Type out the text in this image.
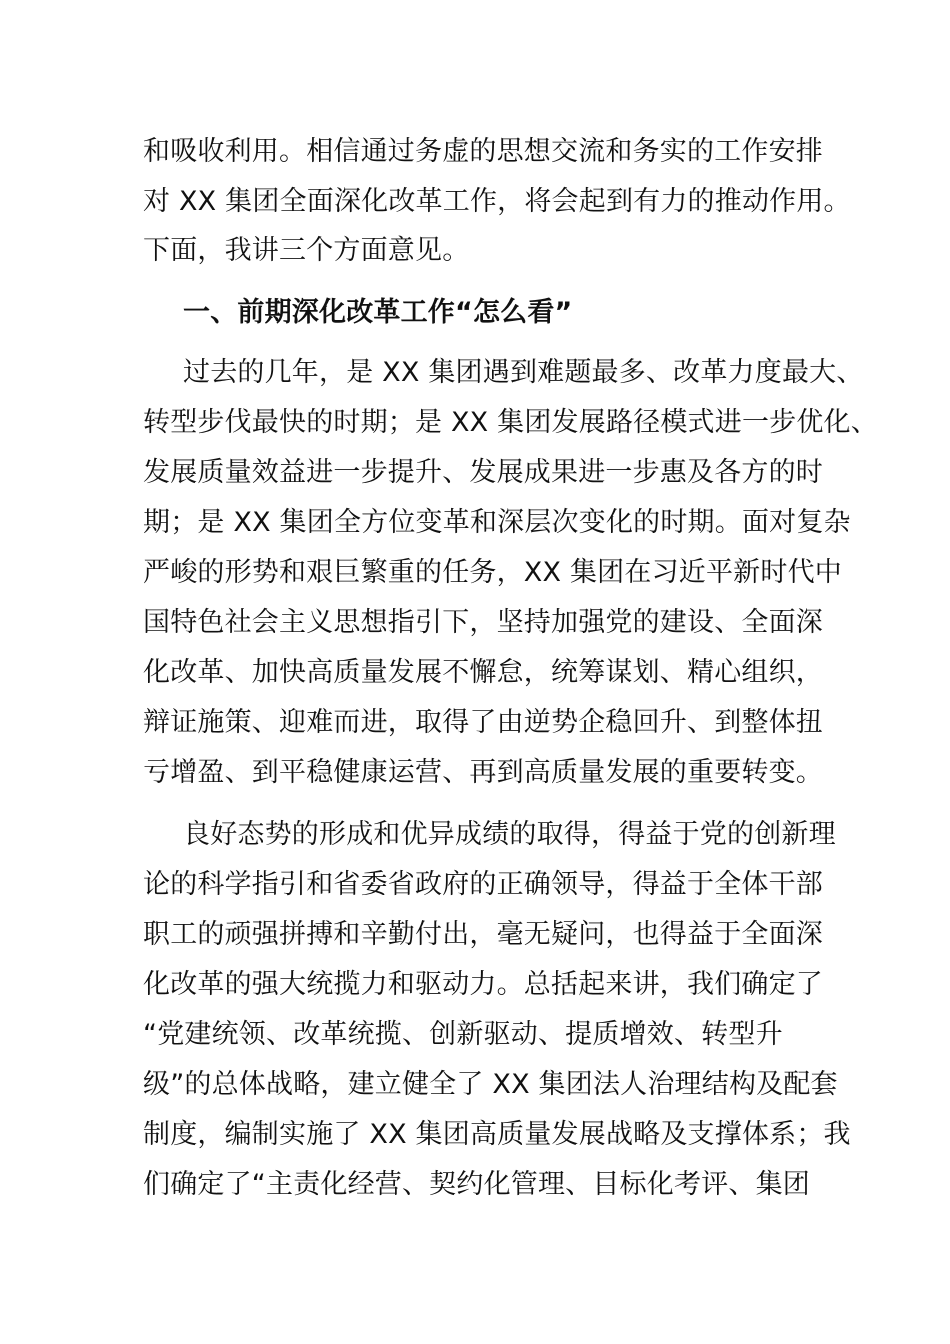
和吸收利用。相信通过务虚的思想交流和务实的工作安排
对 XX 集团全面深化改革工作，将会起到有力的推动作用。
下面，我讲三个方面意见。
一、前期深化改革工作“怎么看”
过去的几年，是 XX 集团遇到难题最多、改革力度最大、
转型步伐最快的时期；是 XX 集团发展路径模式进一步优化、
发展质量效益进一步提升、发展成果进一步惠及各方的时
期；是 XX 集团全方位变革和深层次变化的时期。面对复杂
严峻的形势和艰巨繁重的任务，XX 集团在习近平新时代中
国特色社会主义思想指引下，坚持加强党的建设、全面深
化改革、加快高质量发展不懈怠，统筹谋划、精心组织，
辩证施策、迎难而进，取得了由逆势企稳回升、到整体扭
亏增盈、到平稳健康运营、再到高质量发展的重要转变。
良好态势的形成和优异成绩的取得，得益于党的创新理
论的科学指引和省委省政府的正确领导，得益于全体干部
职工的顽强拼搏和辛勤付出，毫无疑问，也得益于全面深
化改革的强大统揽力和驱动力。总括起来讲，我们确定了
“党建统领、改革统揽、创新驱动、提质增效、转型升
级”的总体战略，建立健全了 XX 集团法人治理结构及配套
制度，编制实施了 XX 集团高质量发展战略及支撑体系；我
们确定了“主责化经营、契约化管理、目标化考评、集团
